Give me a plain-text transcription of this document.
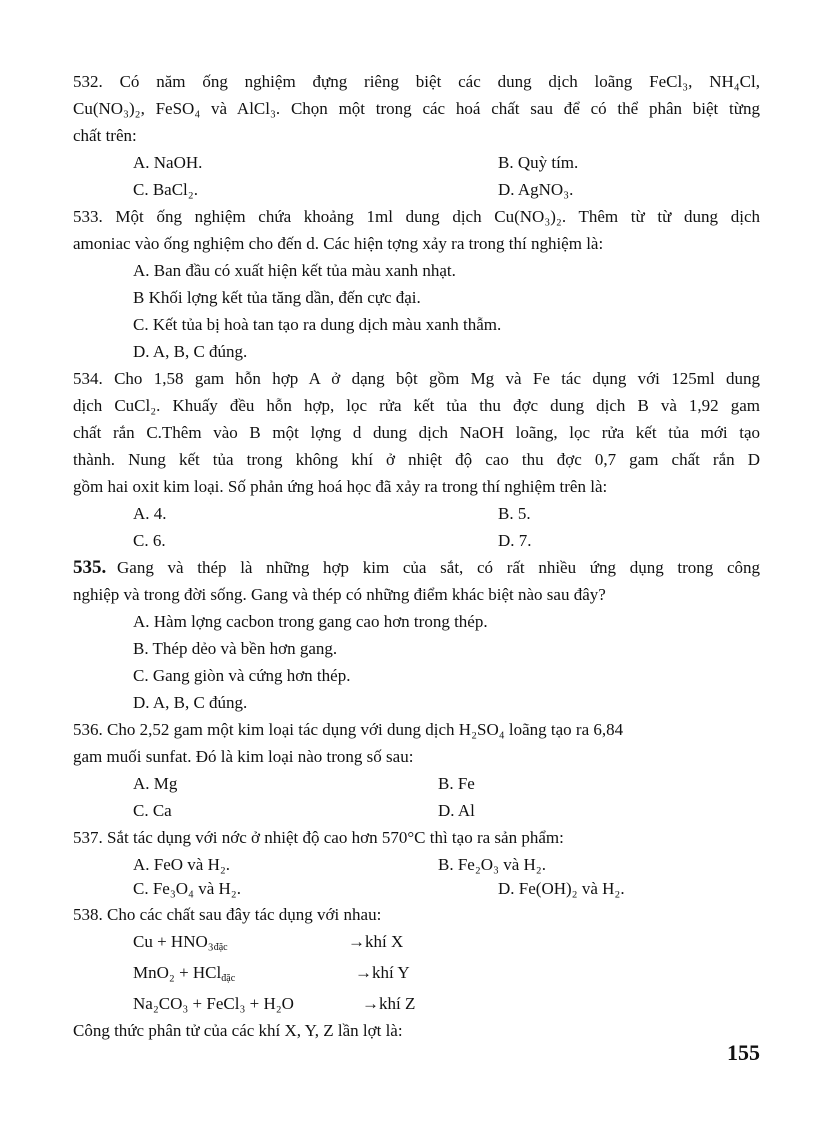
532. Có năm ống nghiệm đựng riêng biệt các dung dịch loãng FeCl₃, NH₄Cl,
Cu(NO₃)₂, FeSO₄ và AlCl₃. Chọn một trong các hoá chất sau để có thể phân biệt từng
chất trên:
A. NaOH.	B. Quỳ tím.
C. BaCl₂.	D. AgNO₃.
533. Một ống nghiệm chứa khoảng 1ml dung dịch Cu(NO₃)₂. Thêm từ từ dung dịch
amoniac vào ống nghiệm cho đến d. Các hiện tợng xảy ra trong thí nghiệm là:
A. Ban đầu có xuất hiện kết tủa màu xanh nhạt.
B Khối lợng kết tủa tăng dần, đến cực đại.
C. Kết tủa bị hoà tan tạo ra dung dịch màu xanh thẫm.
D. A, B, C đúng.
534. Cho 1,58 gam hỗn hợp A ở dạng bột gồm Mg và Fe tác dụng với 125ml dung
dịch CuCl₂. Khuấy đều hỗn hợp, lọc rửa kết tủa thu đợc dung dịch B và 1,92 gam
chất rắn C.Thêm vào B một lợng d dung dịch NaOH loãng, lọc rửa kết tủa mới tạo
thành. Nung kết tủa trong không khí ở nhiệt độ cao thu đợc 0,7 gam chất rắn D
gồm hai oxit kim loại. Số phản ứng hoá học đã xảy ra trong thí nghiệm trên là:
A. 4.	B. 5.
C. 6.	D. 7.
535. Gang và thép là những hợp kim của sắt, có rất nhiều ứng dụng trong công
nghiệp và trong đời sống. Gang và thép có những điểm khác biệt nào sau đây?
A. Hàm lợng cacbon trong gang cao hơn trong thép.
B. Thép dẻo và bền hơn gang.
C. Gang giòn và cứng hơn thép.
D. A, B, C đúng.
536. Cho 2,52 gam một kim loại tác dụng với dung dịch H₂SO₄ loãng tạo ra 6,84
gam muối sunfat. Đó là kim loại nào trong số sau:
A. Mg	B. Fe
C. Ca	D. Al
537. Sắt tác dụng với nớc ở nhiệt độ cao hơn 570°C thì tạo ra sản phẩm:
A. FeO và H₂.	B. Fe₂O₃ và H₂.
C. Fe₃O₄ và H₂.	D. Fe(OH)₂ và H₂.
538. Cho các chất sau đây tác dụng với nhau:
Cu + HNO₃đặc	→khí X
MnO₂ + HClđặc	→khí Y
Na₂CO₃ + FeCl₃ + H₂O	→khí Z
Công thức phân tử của các khí X, Y, Z lần lợt là:
155
